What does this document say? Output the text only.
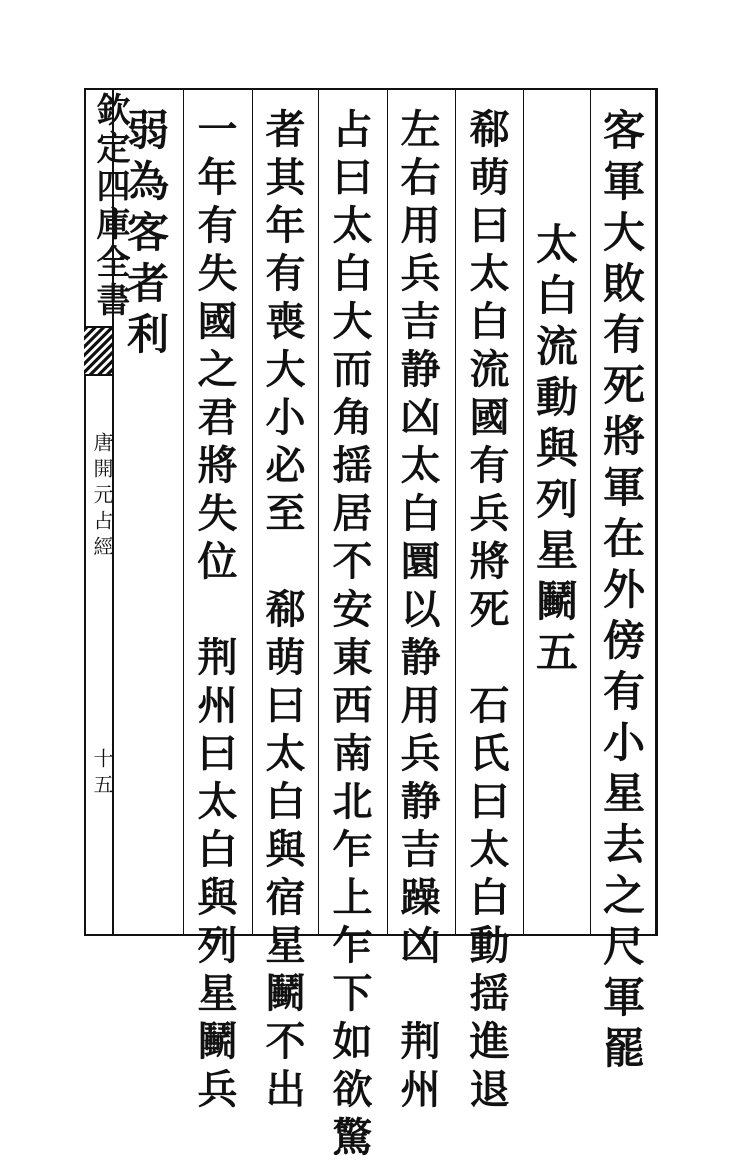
欽定四庫全書
唐開元占經
十五	客軍大敗有死將軍在外傍有小星去之尺軍罷
太白流動與列星鬭五
郗萌曰太白流國有兵將死　石氏曰太白動揺進退
左右用兵吉静凶太白圜以静用兵静吉躁凶　荆州
占曰太白大而角揺居不安東西南北乍上乍下如欲驚
者其年有喪大小必至　郗萌曰太白與宿星鬭不出
一年有失國之君將失位　荆州曰太白與列星鬭兵
弱為客者利
